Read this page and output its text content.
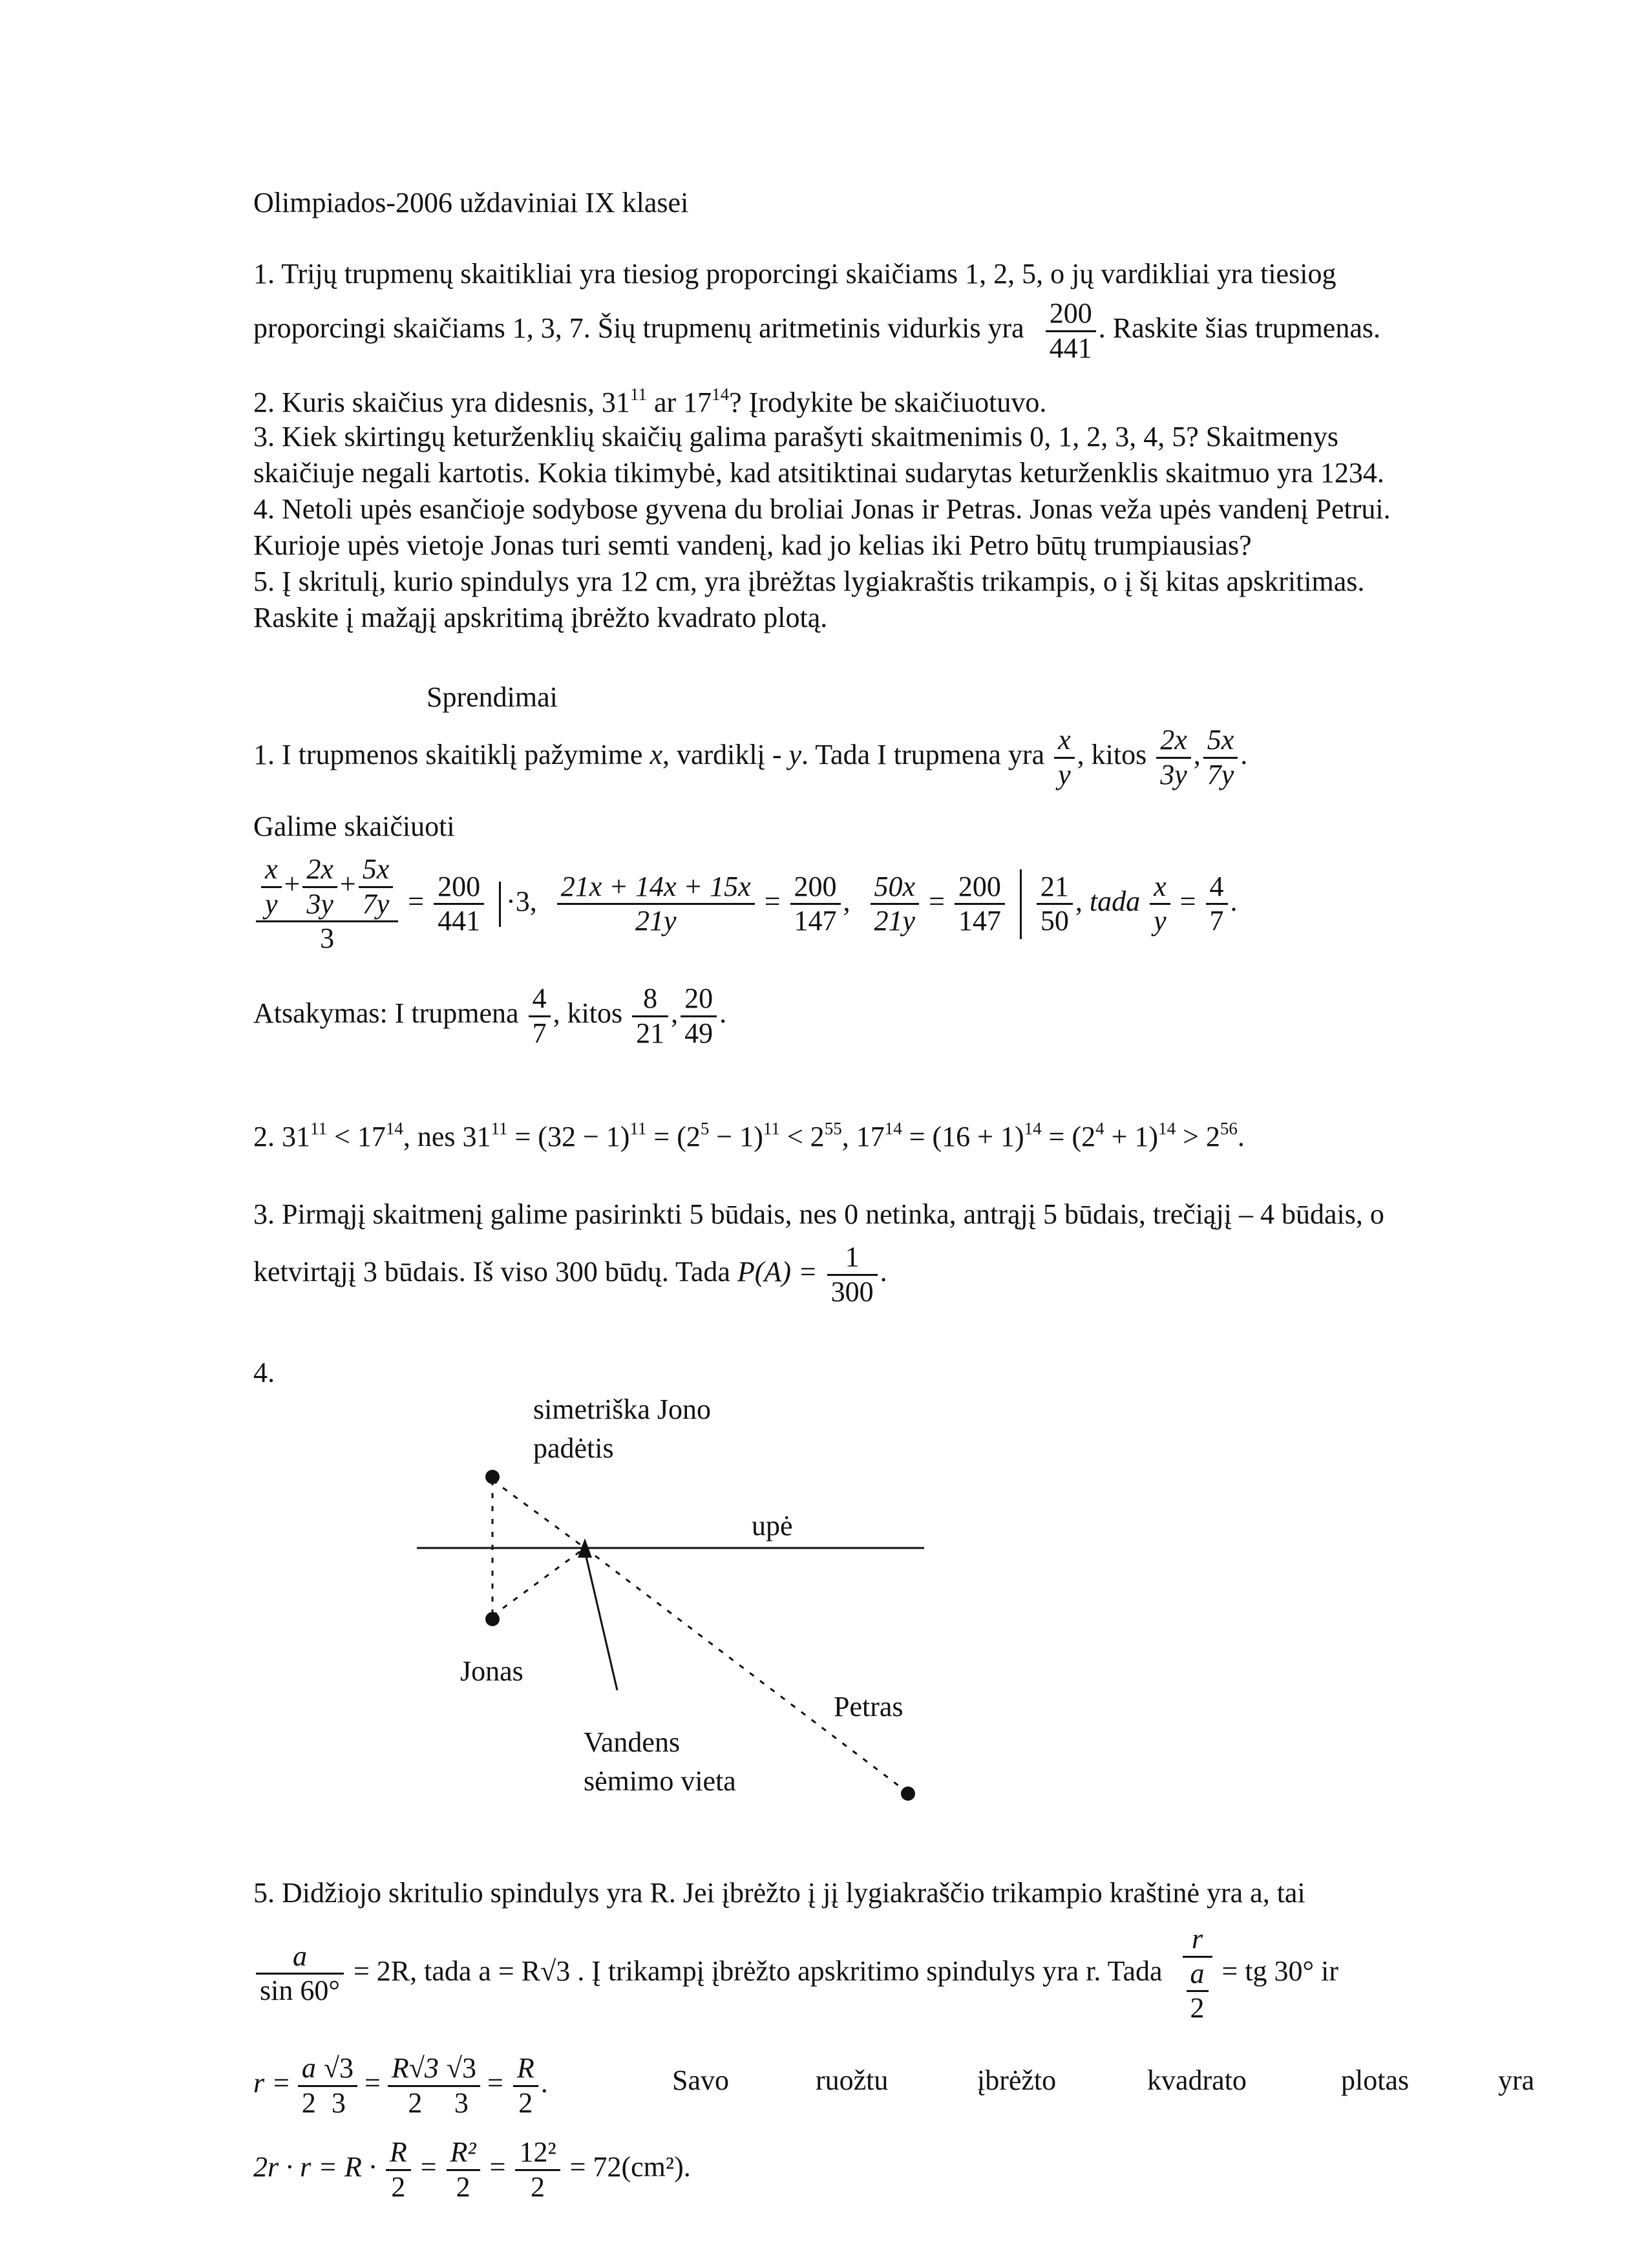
Olimpiados-2006 uždaviniai IX klasei
1. Trijų trupmenų skaitikliai yra tiesiog proporcingi skaičiams 1, 2, 5, o jų vardikliai yra tiesiog
proporcingi skaičiams 1, 3, 7. Šių trupmenų aritmetinis vidurkis yra $\frac{200}{441}$ . Raskite šias trupmenas.
2. Kuris skaičius yra didesnis, $31^{11}$ ar $17^{14}$? Įrodykite be skaičiuotuvo.
3. Kiek skirtingų keturženklių skaičių galima parašyti skaitmenimis 0, 1, 2, 3, 4, 5? Skaitmenys
skaičiuje negali kartotis. Kokia tikimybė, kad atsitiktinai sudarytas keturženklis skaitmuo yra 1234.
4. Netoli upės esančioje sodybose gyvena du broliai Jonas ir Petras. Jonas veža upės vandenį Petrui.
Kurioje upės vietoje Jonas turi semti vandenį, kad jo kelias iki Petro būtų trumpiausias?
5. Į skritulį, kurio spindulys yra 12 cm, yra įbrėžtas lygiakraštis trikampis, o į šį kitas apskritimas.
Raskite į mažąjį apskritimą įbrėžto kvadrato plotą.
Sprendimai
1. I trupmenos skaitiklį pažymime x, vardiklį - y. Tada I trupmena yra $\frac{x}{y}$ , kitos $\frac{2x}{3y}$ , $\frac{5x}{7y}$ .
Galime skaičiuoti
$\frac{\frac{x}{y} + \frac{2x}{3y} + \frac{5x}{7y}}{3} = \frac{200}{441} \cdot 3$, $\frac{21x + 14x + 15x}{21y} = \frac{200}{147}$ , $\frac{50x}{21y} = \frac{200}{147}$
$\frac{21}{50}$ , tada $\frac{x}{y} = \frac{4}{7}$ .
Atsakymas: I trupmena $\frac{4}{7}$ , kitos $\frac{8}{21}$ , $\frac{20}{49}$ .
2. $31^{11} < 17^{14}$, nes $31^{11} = (32 - 1)^{11} = (2^5 - 1)^{11} < 2^{55}$, $17^{14} = (16 + 1)^{14} = (2^4 + 1)^{14} > 2^{56}$.
3. Pirmąjį skaitmenį galime pasirinkti 5 būdais, nes 0 netinka, antrąjį 5 būdais, trečiąjį – 4 būdais, o
ketvirtąjį 3 būdais. Iš viso 300 būdų. Tada $P(A) = \frac{1}{300}$ .
4.
simetriška Jono
padėtis
upė
Jonas
Petras
Vandens
sėmimo vieta
5. Didžiojo skritulio spindulys yra R. Jei įbrėžto į jį lygiakraščio trikampio kraštinė yra a, tai
$\frac{a}{\sin 60^\circ} = 2R$, tada a = R√3 . Į trikampį įbrėžto apskritimo spindulys yra r. Tada $\frac{r}{\frac{a}{2}}$ = tg 30° ir
$r = \frac{a}{2} \frac{√3}{3} = \frac{R√3}{2} \frac{√3}{3} = \frac{R}{2}$ .	Savo	ruožtu	įbrėžto	kvadrato	plotas	yra
$2r \cdot r = R \cdot \frac{R}{2} = \frac{\text{R²}}{2} = \frac{\text{12²}}{2} = 72(cm^2)$.
